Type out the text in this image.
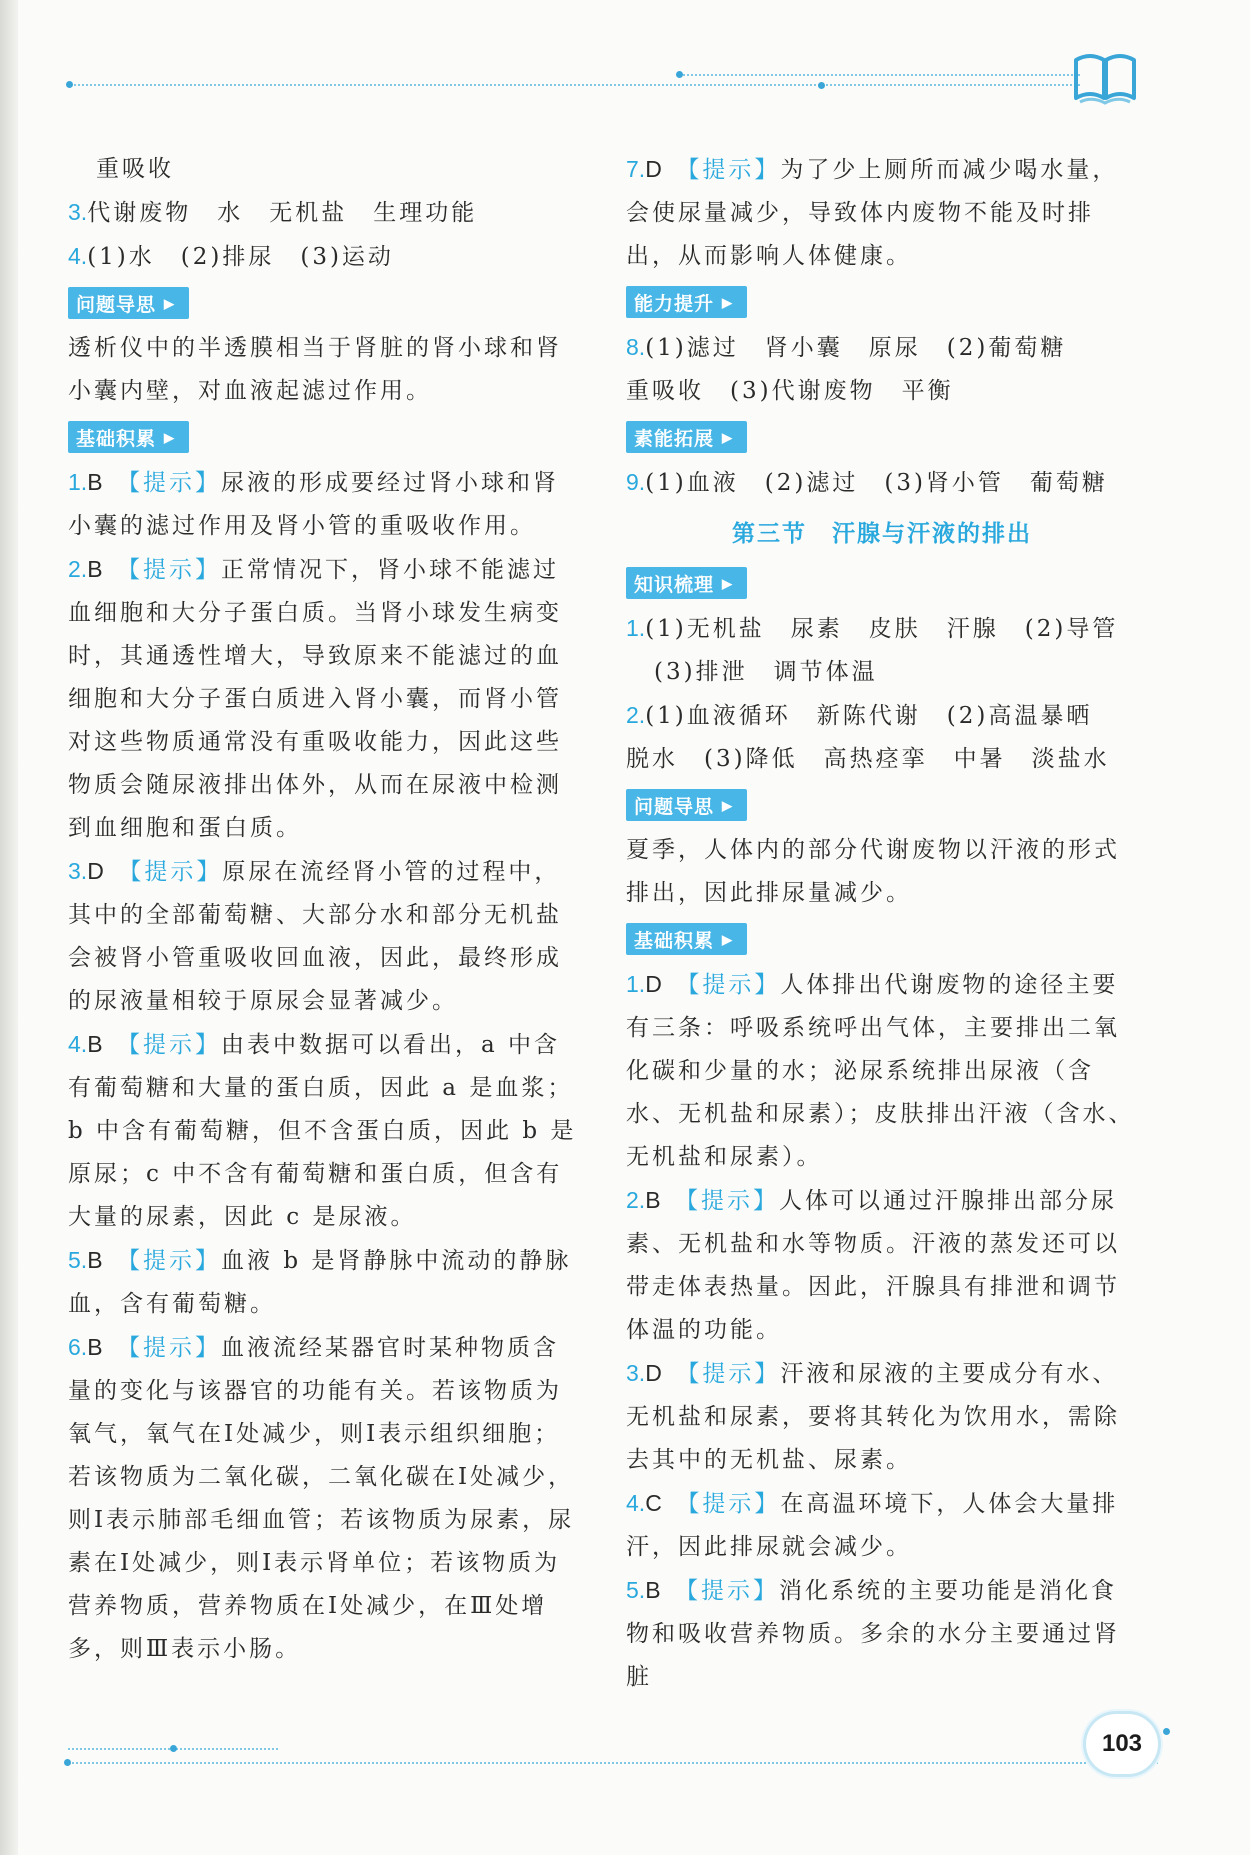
重吸收

3.代谢废物　水　无机盐　生理功能

4.(1)水　(2)排尿　(3)运动

问题导思 ▶

透析仪中的半透膜相当于肾脏的肾小球和肾小囊内壁，对血液起滤过作用。

基础积累 ▶

1.B　 【提示】尿液的形成要经过肾小球和肾小囊的滤过作用及肾小管的重吸收作用。

2.B　 【提示】正常情况下，肾小球不能滤过血细胞和大分子蛋白质。当肾小球发生病变时，其通透性增大，导致原来不能滤过的血细胞和大分子蛋白质进入肾小囊，而肾小管对这些物质通常没有重吸收能力，因此这些物质会随尿液排出体外，从而在尿液中检测到血细胞和蛋白质。

3.D　 【提示】原尿在流经肾小管的过程中，其中的全部葡萄糖、大部分水和部分无机盐会被肾小管重吸收回血液，因此，最终形成的尿液量相较于原尿会显著减少。

4.B　 【提示】由表中数据可以看出，a 中含有葡萄糖和大量的蛋白质，因此 a 是血浆；b 中含有葡萄糖，但不含蛋白质，因此 b 是原尿；c 中不含有葡萄糖和蛋白质，但含有大量的尿素，因此 c 是尿液。

5.B　 【提示】血液 b 是肾静脉中流动的静脉血，含有葡萄糖。

6.B　 【提示】血液流经某器官时某种物质含量的变化与该器官的功能有关。若该物质为氧气，氧气在Ⅰ处减少，则Ⅰ表示组织细胞；若该物质为二氧化碳，二氧化碳在Ⅰ处减少，则Ⅰ表示肺部毛细血管；若该物质为尿素，尿素在Ⅰ处减少，则Ⅰ表示肾单位；若该物质为营养物质，营养物质在Ⅰ处减少，在Ⅲ处增多，则Ⅲ表示小肠。

7.D　 【提示】为了少上厕所而减少喝水量，会使尿量减少，导致体内废物不能及时排出，从而影响人体健康。

能力提升 ▶

8.(1)滤过　肾小囊　原尿　(2)葡萄糖

重吸收　(3)代谢废物　平衡

素能拓展 ▶

9.(1)血液　(2)滤过　(3)肾小管　葡萄糖

第三节　汗腺与汗液的排出
知识梳理 ▶

1.(1)无机盐　尿素　皮肤　汗腺　(2)导管

(3)排泄　调节体温

2.(1)血液循环　新陈代谢　(2)高温暴晒

脱水　(3)降低　高热痉挛　中暑　淡盐水

问题导思 ▶

夏季，人体内的部分代谢废物以汗液的形式排出，因此排尿量减少。

基础积累 ▶

1.D　 【提示】人体排出代谢废物的途径主要有三条：呼吸系统呼出气体，主要排出二氧化碳和少量的水；泌尿系统排出尿液（含水、无机盐和尿素）；皮肤排出汗液（含水、无机盐和尿素）。

2.B　 【提示】人体可以通过汗腺排出部分尿素、无机盐和水等物质。汗液的蒸发还可以带走体表热量。因此，汗腺具有排泄和调节体温的功能。

3.D　 【提示】汗液和尿液的主要成分有水、无机盐和尿素，要将其转化为饮用水，需除去其中的无机盐、尿素。

4.C　 【提示】在高温环境下，人体会大量排汗，因此排尿就会减少。

5.B　 【提示】消化系统的主要功能是消化食物和吸收营养物质。多余的水分主要通过肾脏

103
